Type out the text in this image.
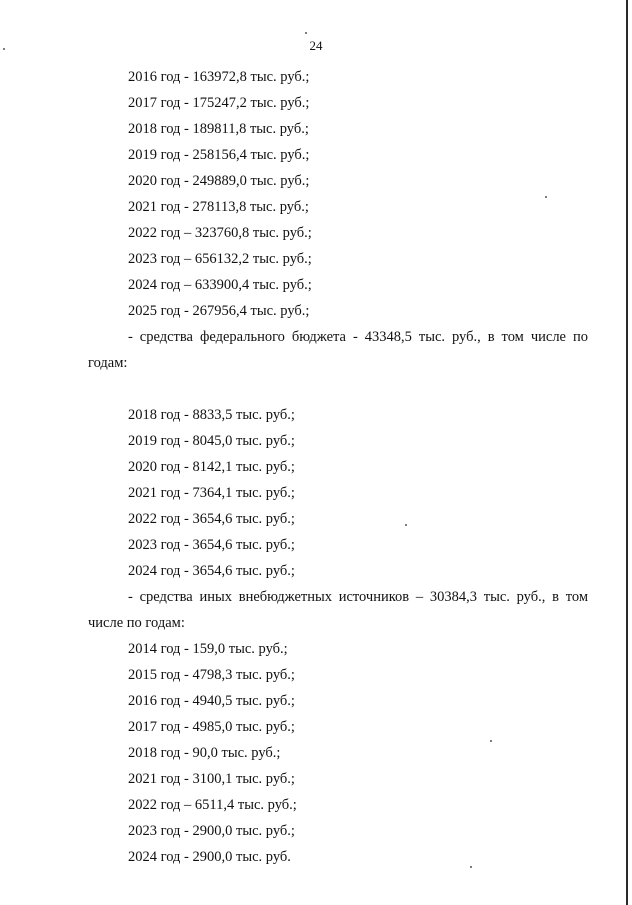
24
2016 год - 163972,8 тыс. руб.;
2017 год - 175247,2 тыс. руб.;
2018 год - 189811,8 тыс. руб.;
2019 год - 258156,4 тыс. руб.;
2020 год - 249889,0 тыс. руб.;
2021 год - 278113,8 тыс. руб.;
2022 год – 323760,8 тыс. руб.;
2023 год – 656132,2 тыс. руб.;
2024 год – 633900,4 тыс. руб.;
2025 год - 267956,4 тыс. руб.;
- средства федерального бюджета - 43348,5 тыс. руб., в том числе по
годам:
2018 год - 8833,5 тыс. руб.;
2019 год - 8045,0 тыс. руб.;
2020 год - 8142,1 тыс. руб.;
2021 год - 7364,1 тыс. руб.;
2022 год - 3654,6 тыс. руб.;
2023 год - 3654,6 тыс. руб.;
2024 год - 3654,6 тыс. руб.;
- средства иных внебюджетных источников – 30384,3 тыс. руб., в том
числе по годам:
2014 год - 159,0 тыс. руб.;
2015 год - 4798,3 тыс. руб.;
2016 год - 4940,5 тыс. руб.;
2017 год - 4985,0 тыс. руб.;
2018 год - 90,0 тыс. руб.;
2021 год - 3100,1 тыс. руб.;
2022 год – 6511,4 тыс. руб.;
2023 год - 2900,0 тыс. руб.;
2024 год - 2900,0 тыс. руб.
